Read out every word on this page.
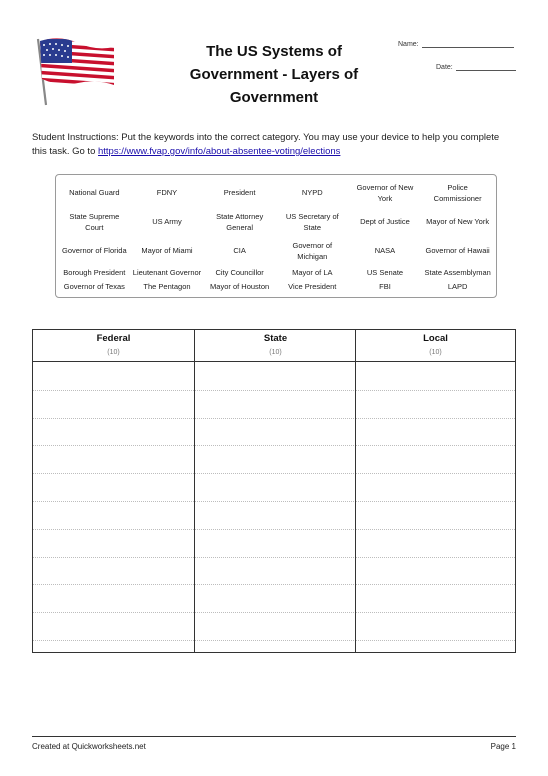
The US Systems of Government - Layers of Government
Name:
Date:
Student Instructions: Put the keywords into the correct category. You may use your device to help you complete this task. Go to https://www.fvap.gov/info/about-absentee-voting/elections
National Guard	FDNY	President	NYPD	Governor of New York	Police Commissioner
State Supreme Court	US Army	State Attorney General	US Secretary of State	Dept of Justice	Mayor of New York
Governor of Florida	Mayor of Miami	CIA	Governor of Michigan	NASA	Governor of Hawaii
Borough President	Lieutenant Governor	City Councillor	Mayor of LA	US Senate	State Assemblyman
Governor of Texas	The Pentagon	Mayor of Houston	Vice President	FBI	LAPD
Federal
(10)
State
(10)
Local
(10)
Created at Quickworksheets.net	Page 1
